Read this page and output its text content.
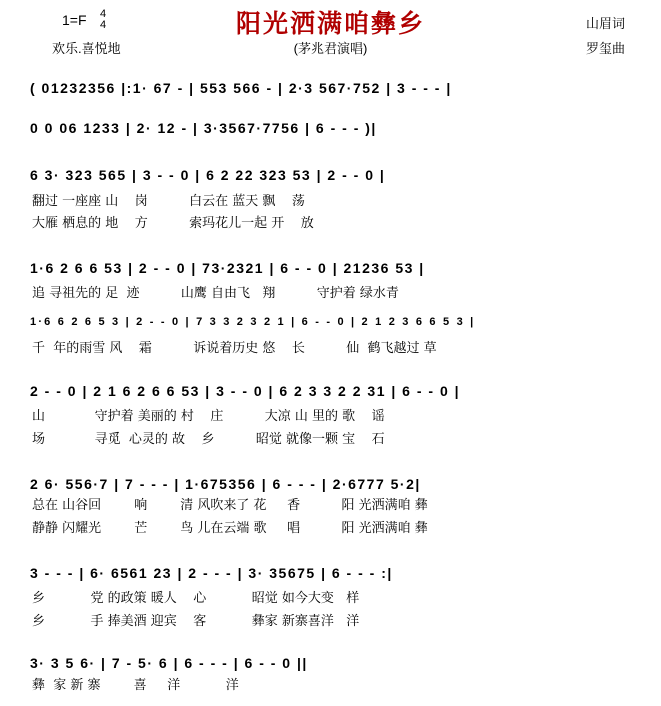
阳光洒满咱彝乡
1=F 4
4
欢乐.喜悦地	(茅兆君演唱)
山眉词
罗玺曲
( 01232356 |:1· 67 - | 553 566 - | 2·3 567·752 | 3 - - - |
0 0 06 1233 | 2· 12 - | 3·3567·7756 | 6 - - - )|
6 3· 323 565 | 3 - - 0 | 6 2 22 323 53 | 2 - - 0 |
翻过 一座座 山    岗          白云在 蓝天 飘    荡
大雁 栖息的 地    方          索玛花儿一起 开    放
1·6 2 6 6 53 | 2 - - 0 | 73·2321 | 6 - - 0 | 21236 53 |
追 寻祖先的 足  迹          山鹰 自由飞   翔          守护着 绿水青
1·6 6 2 6 5 3 | 2 - - 0 | 7 3 3 2 3 2 1 | 6 - - 0 | 2 1 2 3 6 6 5 3 |
千  年的雨雪 风    霜          诉说着历史 悠    长          仙  鹤飞越过 草
2 - - 0 | 2 1 6 2 6 6 53 | 3 - - 0 | 6 2 3 3 2 2 31 | 6 - - 0 |
山            守护着 美丽的 村    庄          大凉 山 里的 歌    谣
场            寻觅  心灵的 故    乡          昭觉 就像一颗 宝    石
2 6· 556·7 | 7 - - - | 1·675356 | 6 - - - | 2·6777 5·2|
总在 山谷回        响        清 风吹来了 花     香          阳 光洒满咱 彝
静静 闪耀光        芒        鸟 儿在云端 歌     唱          阳 光洒满咱 彝
3 - - - | 6· 6561 23 | 2 - - - | 3· 35675 | 6 - - - :|
乡           党 的政策 暖人    心           昭觉 如今大变   样
乡           手 捧美酒 迎宾    客           彝家 新寨喜洋   洋
3· 3 5 6· | 7 - 5· 6 | 6 - - - | 6 - - 0 ||
彝  家 新 寨        喜     洋           洋
